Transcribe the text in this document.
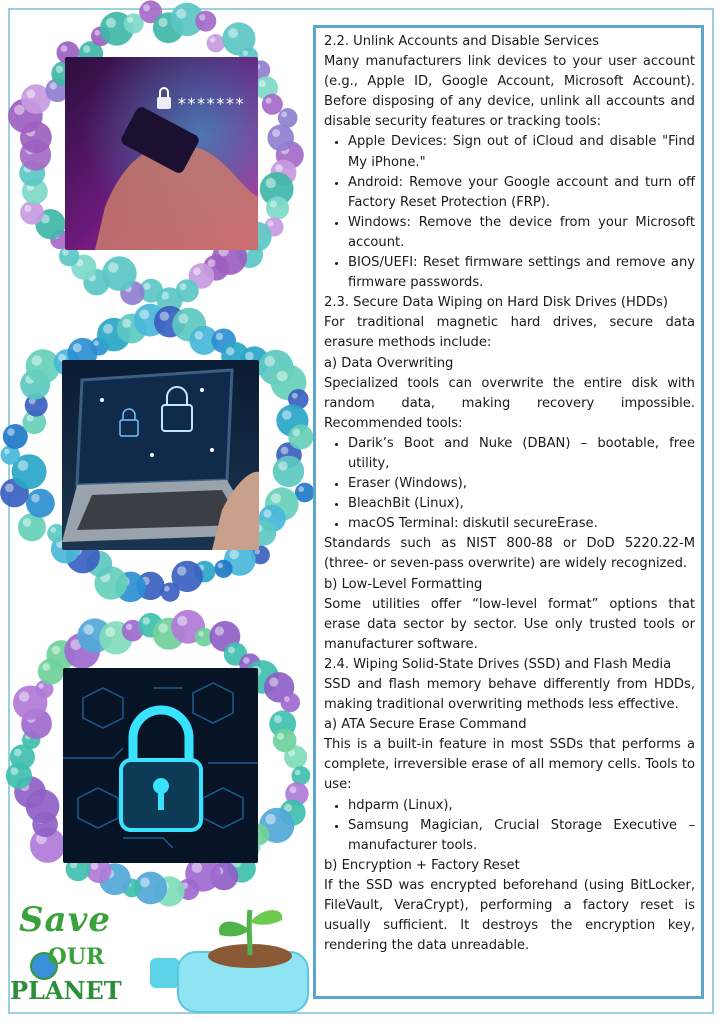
*******
Save
OUR
PLANET

2.2. Unlink Accounts and Disable Services

Many manufacturers link devices to your user account (e.g., Apple ID, Google Account, Microsoft Account). Before disposing of any device, unlink all accounts and disable security features or tracking tools:

• Apple Devices: Sign out of iCloud and disable "Find My iPhone."
• Android: Remove your Google account and turn off Factory Reset Protection (FRP).
• Windows: Remove the device from your Microsoft account.
• BIOS/UEFI: Reset firmware settings and remove any firmware passwords.

2.3. Secure Data Wiping on Hard Disk Drives (HDDs)

For traditional magnetic hard drives, secure data erasure methods include:

a) Data Overwriting

Specialized tools can overwrite the entire disk with random data, making recovery impossible. Recommended tools:

• Darik’s Boot and Nuke (DBAN) – bootable, free utility,
• Eraser (Windows),
• BleachBit (Linux),
• macOS Terminal: diskutil secureErase.

Standards such as NIST 800-88 or DoD 5220.22-M (three- or seven-pass overwrite) are widely recognized.

b) Low-Level Formatting

Some utilities offer “low-level format” options that erase data sector by sector. Use only trusted tools or manufacturer software.

2.4. Wiping Solid-State Drives (SSD) and Flash Media

SSD and flash memory behave differently from HDDs, making traditional overwriting methods less effective.

a) ATA Secure Erase Command

This is a built-in feature in most SSDs that performs a complete, irreversible erase of all memory cells. Tools to use:

• hdparm (Linux),
• Samsung Magician, Crucial Storage Executive – manufacturer tools.

b) Encryption + Factory Reset

If the SSD was encrypted beforehand (using BitLocker, FileVault, VeraCrypt), performing a factory reset is usually sufficient. It destroys the encryption key, rendering the data unreadable.
